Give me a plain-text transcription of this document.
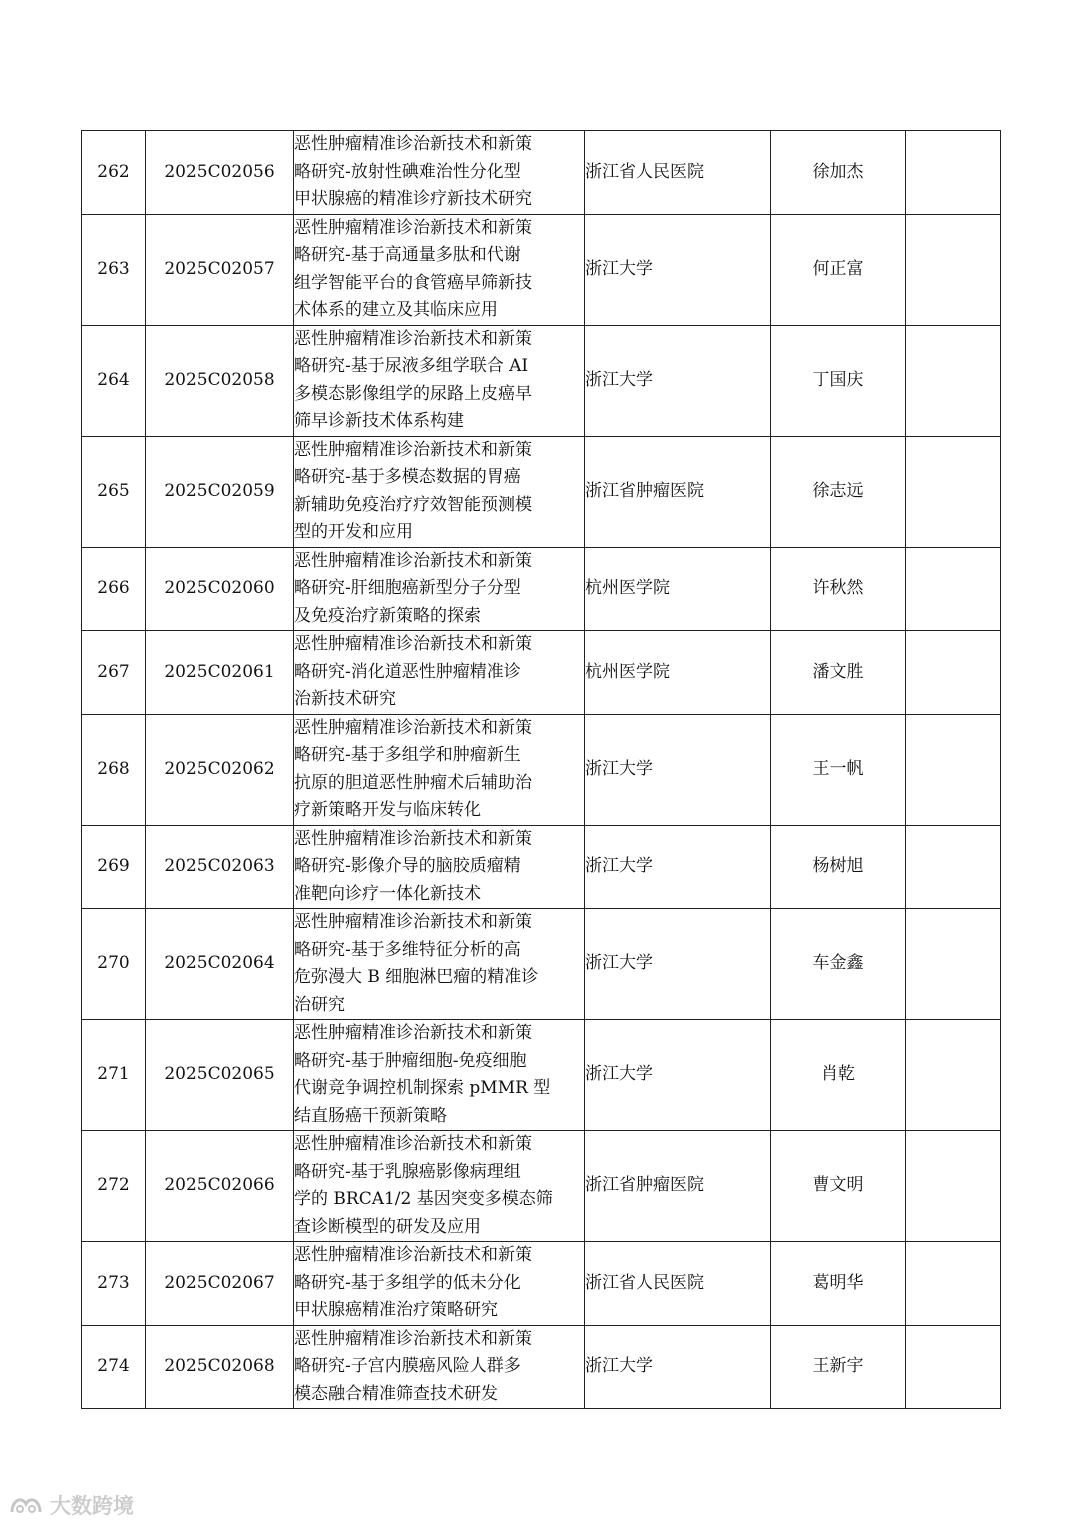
262	2025C02056	恶性肿瘤精准诊治新技术和新策
略研究-放射性碘难治性分化型
甲状腺癌的精准诊疗新技术研究	浙江省人民医院	徐加杰	
263	2025C02057	恶性肿瘤精准诊治新技术和新策
略研究-基于高通量多肽和代谢
组学智能平台的食管癌早筛新技
术体系的建立及其临床应用	浙江大学	何正富	
264	2025C02058	恶性肿瘤精准诊治新技术和新策
略研究-基于尿液多组学联合 AI
多模态影像组学的尿路上皮癌早
筛早诊新技术体系构建	浙江大学	丁国庆	
265	2025C02059	恶性肿瘤精准诊治新技术和新策
略研究-基于多模态数据的胃癌
新辅助免疫治疗疗效智能预测模
型的开发和应用	浙江省肿瘤医院	徐志远	
266	2025C02060	恶性肿瘤精准诊治新技术和新策
略研究-肝细胞癌新型分子分型
及免疫治疗新策略的探索	杭州医学院	许秋然	
267	2025C02061	恶性肿瘤精准诊治新技术和新策
略研究-消化道恶性肿瘤精准诊
治新技术研究	杭州医学院	潘文胜	
268	2025C02062	恶性肿瘤精准诊治新技术和新策
略研究-基于多组学和肿瘤新生
抗原的胆道恶性肿瘤术后辅助治
疗新策略开发与临床转化	浙江大学	王一帆	
269	2025C02063	恶性肿瘤精准诊治新技术和新策
略研究-影像介导的脑胶质瘤精
准靶向诊疗一体化新技术	浙江大学	杨树旭	
270	2025C02064	恶性肿瘤精准诊治新技术和新策
略研究-基于多维特征分析的高
危弥漫大 B 细胞淋巴瘤的精准诊
治研究	浙江大学	车金鑫	
271	2025C02065	恶性肿瘤精准诊治新技术和新策
略研究-基于肿瘤细胞-免疫细胞
代谢竞争调控机制探索 pMMR 型
结直肠癌干预新策略	浙江大学	肖乾	
272	2025C02066	恶性肿瘤精准诊治新技术和新策
略研究-基于乳腺癌影像病理组
学的 BRCA1/2 基因突变多模态筛
查诊断模型的研发及应用	浙江省肿瘤医院	曹文明	
273	2025C02067	恶性肿瘤精准诊治新技术和新策
略研究-基于多组学的低未分化
甲状腺癌精准治疗策略研究	浙江省人民医院	葛明华	
274	2025C02068	恶性肿瘤精准诊治新技术和新策
略研究-子宫内膜癌风险人群多
模态融合精准筛查技术研发	浙江大学	王新宇	
大数跨境
